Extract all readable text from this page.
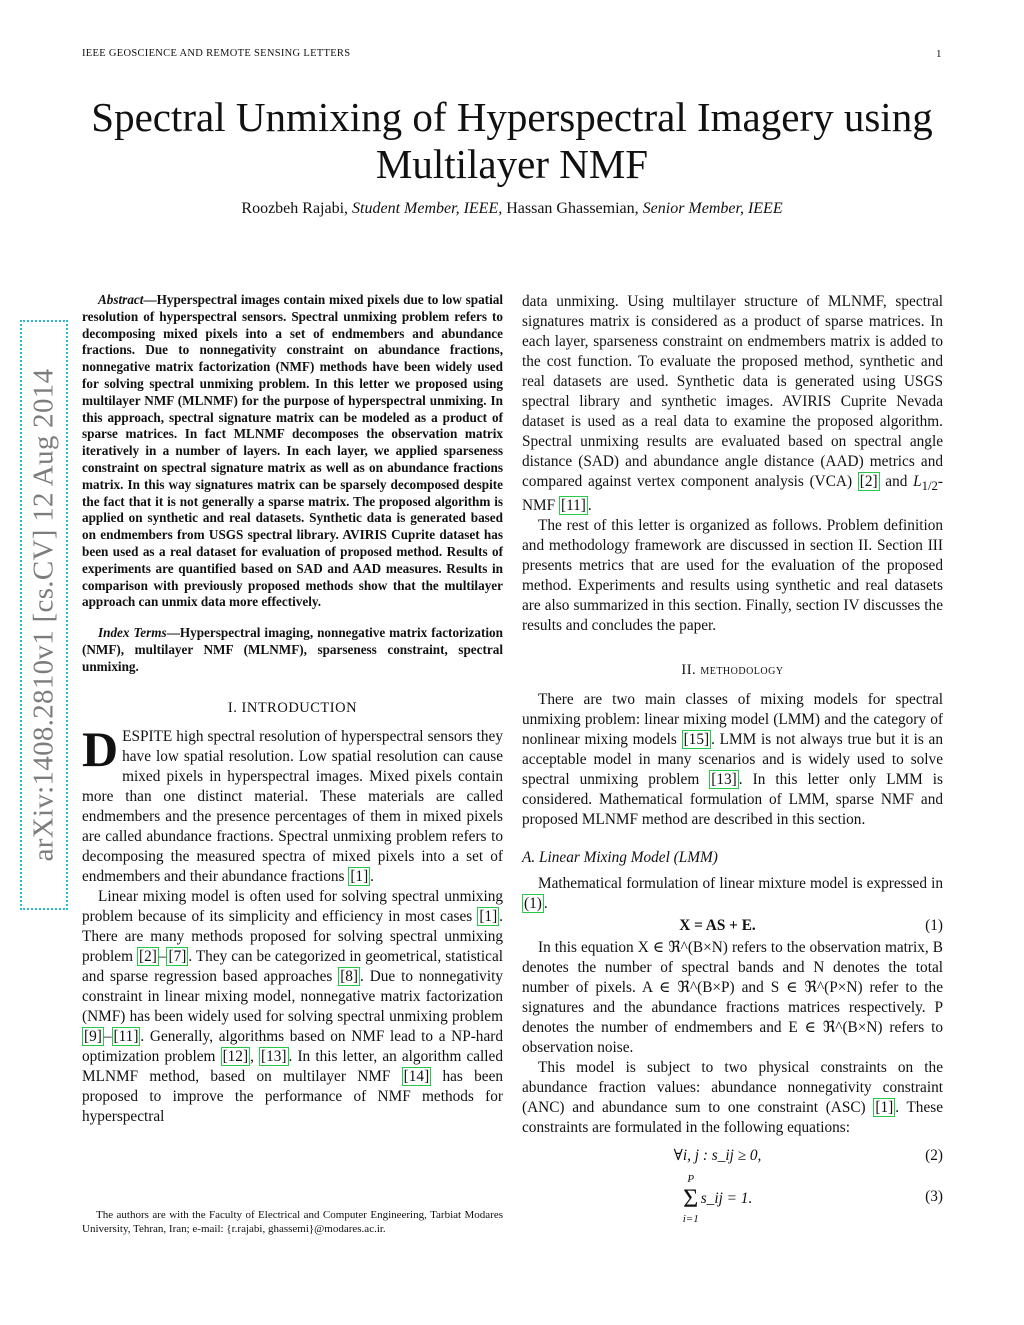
IEEE GEOSCIENCE AND REMOTE SENSING LETTERS	1
Spectral Unmixing of Hyperspectral Imagery using Multilayer NMF
Roozbeh Rajabi, Student Member, IEEE, Hassan Ghassemian, Senior Member, IEEE
arXiv:1408.2810v1 [cs.CV] 12 Aug 2014

Abstract—Hyperspectral images contain mixed pixels due to low spatial resolution of hyperspectral sensors. Spectral unmixing problem refers to decomposing mixed pixels into a set of endmembers and abundance fractions. Due to nonnegativity constraint on abundance fractions, nonnegative matrix factorization (NMF) methods have been widely used for solving spectral unmixing problem. In this letter we proposed using multilayer NMF (MLNMF) for the purpose of hyperspectral unmixing. In this approach, spectral signature matrix can be modeled as a product of sparse matrices. In fact MLNMF decomposes the observation matrix iteratively in a number of layers. In each layer, we applied sparseness constraint on spectral signature matrix as well as on abundance fractions matrix. In this way signatures matrix can be sparsely decomposed despite the fact that it is not generally a sparse matrix. The proposed algorithm is applied on synthetic and real datasets. Synthetic data is generated based on endmembers from USGS spectral library. AVIRIS Cuprite dataset has been used as a real dataset for evaluation of proposed method. Results of experiments are quantified based on SAD and AAD measures. Results in comparison with previously proposed methods show that the multilayer approach can unmix data more effectively.

Index Terms—Hyperspectral imaging, nonnegative matrix factorization (NMF), multilayer NMF (MLNMF), sparseness constraint, spectral unmixing.

I. INTRODUCTION

DESPITE high spectral resolution of hyperspectral sensors they have low spatial resolution. Low spatial resolution can cause mixed pixels in hyperspectral images. Mixed pixels contain more than one distinct material. These materials are called endmembers and the presence percentages of them in mixed pixels are called abundance fractions. Spectral unmixing problem refers to decomposing the measured spectra of mixed pixels into a set of endmembers and their abundance fractions [1] .

Linear mixing model is often used for solving spectral unmixing problem because of its simplicity and efficiency in most cases [1] . There are many methods proposed for solving spectral unmixing problem [2] – [7] . They can be categorized in geometrical, statistical and sparse regression based approaches [8] . Due to nonnegativity constraint in linear mixing model, nonnegative matrix factorization (NMF) has been widely used for solving spectral unmixing problem [9] – [11] . Generally, algorithms based on NMF lead to a NP-hard optimization problem [12] , [13] . In this letter, an algorithm called MLNMF method, based on multilayer NMF [14] has been proposed to improve the performance of NMF methods for hyperspectral

The authors are with the Faculty of Electrical and Computer Engineering, Tarbiat Modares University, Tehran, Iran; e-mail: {r.rajabi, ghassemi}@modares.ac.ir.

data unmixing. Using multilayer structure of MLNMF, spectral signatures matrix is considered as a product of sparse matrices. In each layer, sparseness constraint on endmembers matrix is added to the cost function. To evaluate the proposed method, synthetic and real datasets are used. Synthetic data is generated using USGS spectral library and synthetic images. AVIRIS Cuprite Nevada dataset is used as a real data to examine the proposed algorithm. Spectral unmixing results are evaluated based on spectral angle distance (SAD) and abundance angle distance (AAD) metrics and compared against vertex component analysis (VCA) [2] and $L_{1/2}$-NMF [11] .

The rest of this letter is organized as follows. Problem definition and methodology framework are discussed in section II. Section III presents metrics that are used for the evaluation of the proposed method. Experiments and results using synthetic and real datasets are also summarized in this section. Finally, section IV discusses the results and concludes the paper.

II. methodology

There are two main classes of mixing models for spectral unmixing problem: linear mixing model (LMM) and the category of nonlinear mixing models [15] . LMM is not always true but it is an acceptable model in many scenarios and is widely used to solve spectral unmixing problem [13] . In this letter only LMM is considered. Mathematical formulation of LMM, sparse NMF and proposed MLNMF method are described in this section.

A. Linear Mixing Model (LMM)

Mathematical formulation of linear mixture model is expressed in (1) .

X = AS + E.	(1)

In this equation X ∈ ℜ^(B×N) refers to the observation matrix, B denotes the number of spectral bands and N denotes the total number of pixels. A ∈ ℜ^(B×P) and S ∈ ℜ^(P×N) refer to the signatures and the abundance fractions matrices respectively. P denotes the number of endmembers and E ∈ ℜ^(B×N) refers to observation noise.

This model is subject to two physical constraints on the abundance fraction values: abundance nonnegativity constraint (ANC) and abundance sum to one constraint (ASC) [1] . These constraints are formulated in the following equations:

∀i, j : s_ij ≥ 0,	(2)
P
Σ
i=1
s_ij = 1.	(3)
